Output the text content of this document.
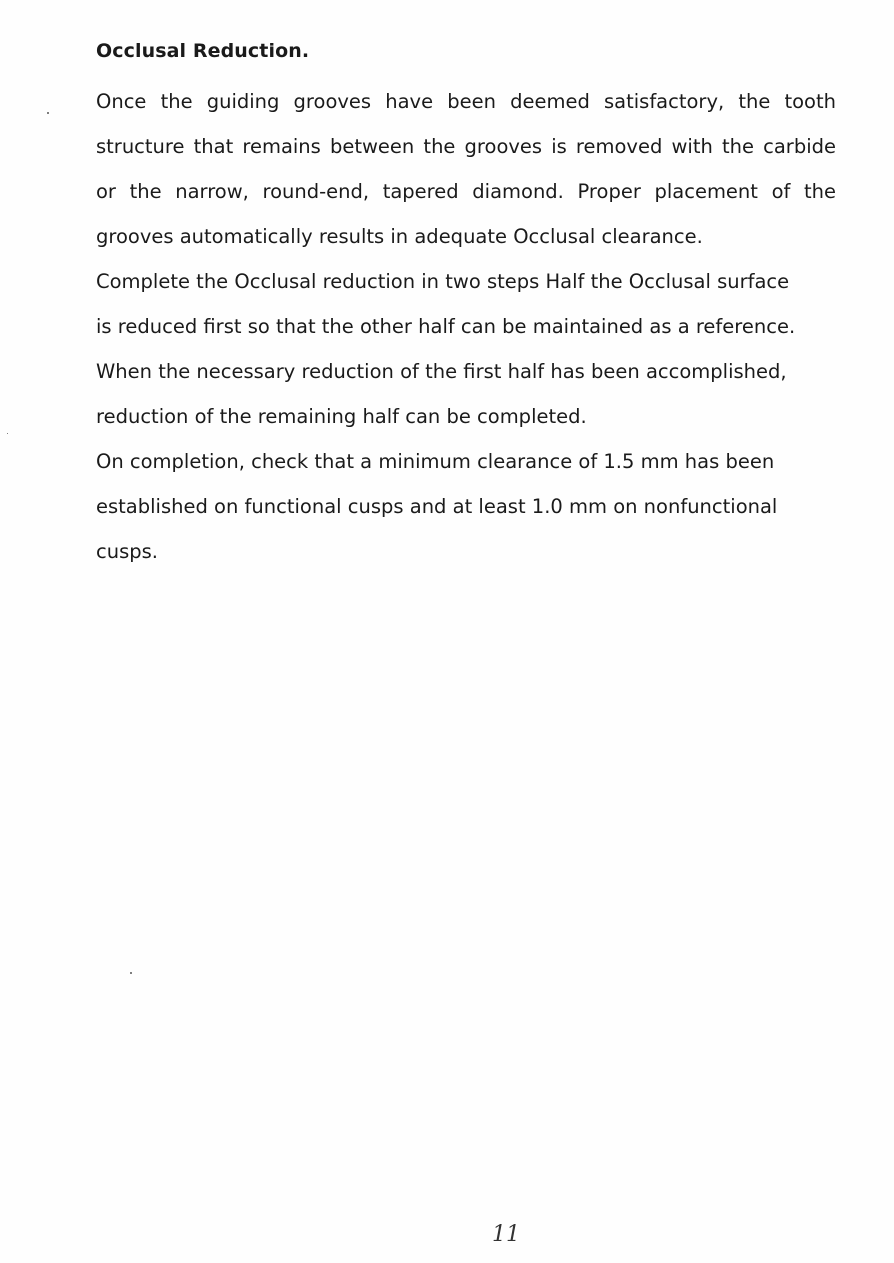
Occlusal Reduction.
Once the guiding grooves have been deemed satisfactory, the tooth
structure that remains between the grooves is removed with the carbide
or the narrow, round-end, tapered diamond. Proper placement of the
grooves automatically results in adequate Occlusal clearance.
Complete the Occlusal reduction in two steps Half the Occlusal surface
is reduced first so that the other half can be maintained as a reference.
When the necessary reduction of the first half has been accomplished,
reduction of the remaining half can be completed.
On completion, check that a minimum clearance of 1.5 mm has been
established on functional cusps and at least 1.0 mm on nonfunctional
cusps.
11
